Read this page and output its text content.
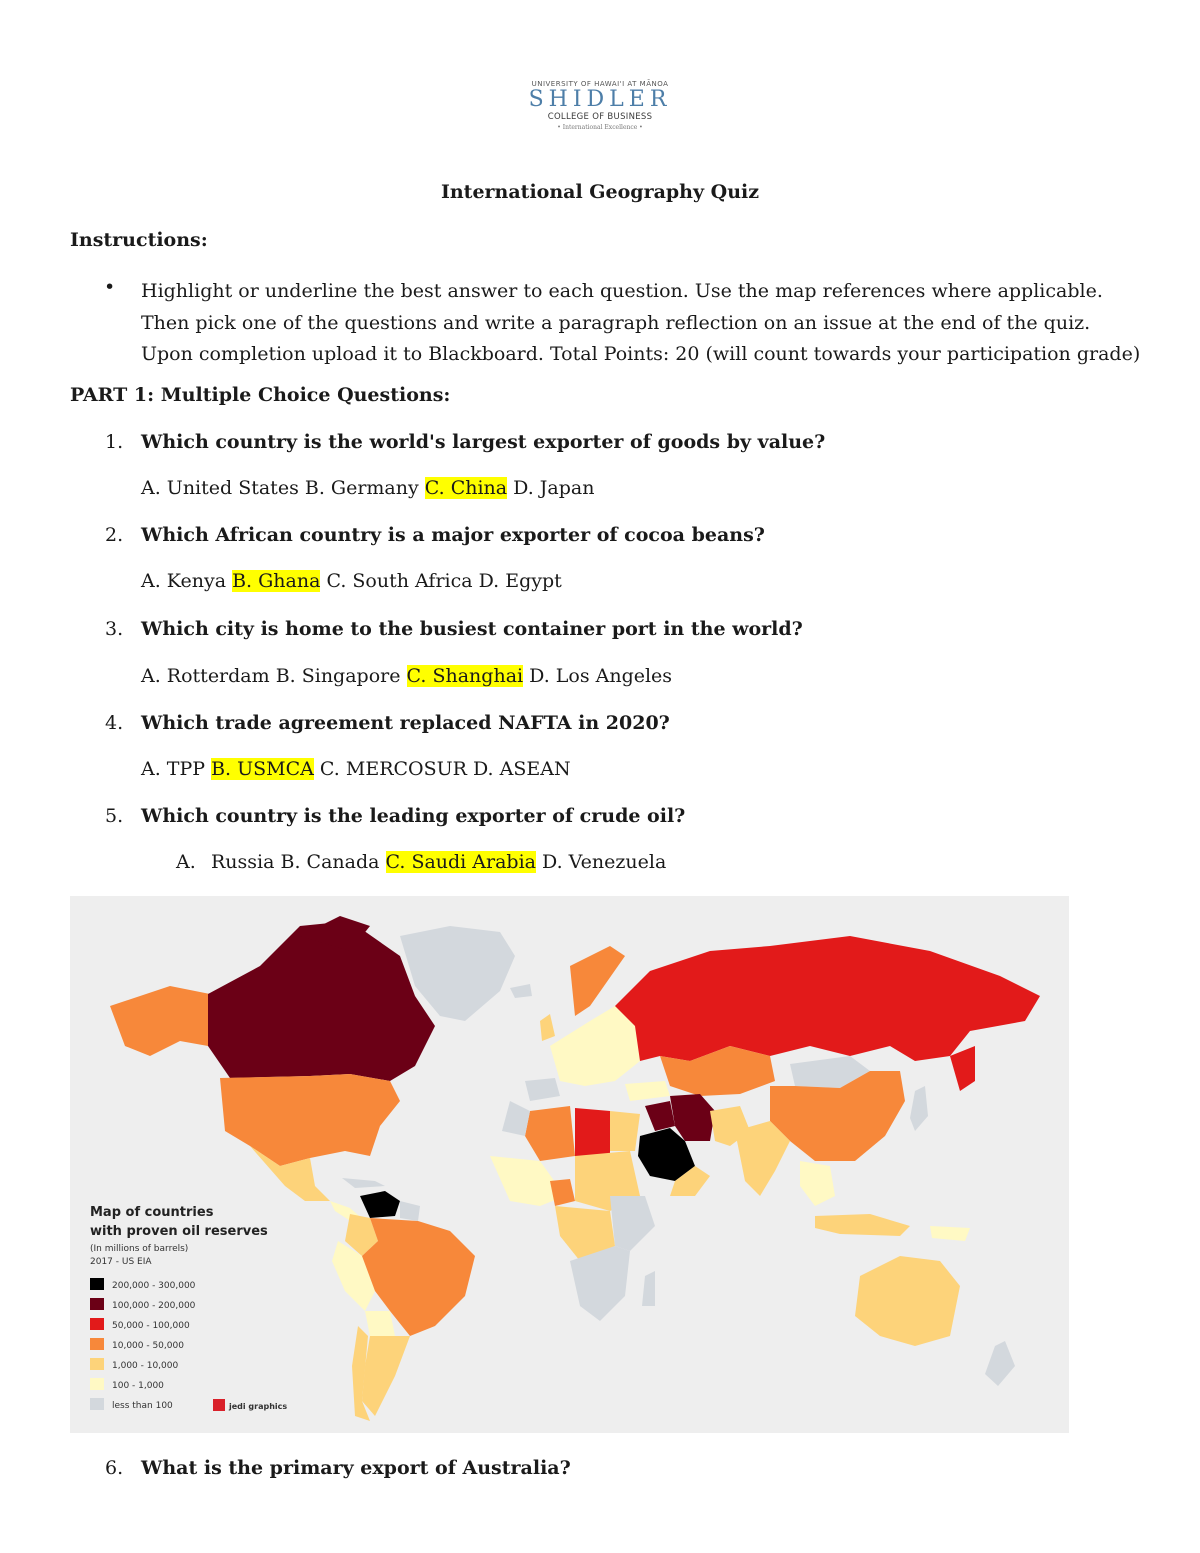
UNIVERSITY OF HAWAI'I AT MĀNOA
SHIDLER
COLLEGE OF BUSINESS
• International Excellence •
International Geography Quiz
Instructions:
• Highlight or underline the best answer to each question. Use the map references where applicable. Then pick one of the questions and write a paragraph reflection on an issue at the end of the quiz. Upon completion upload it to Blackboard. Total Points: 20 (will count towards your participation grade)
PART 1: Multiple Choice Questions:
1. Which country is the world's largest exporter of goods by value?
A. United States B. Germany C. China D. Japan
2. Which African country is a major exporter of cocoa beans?
A. Kenya B. Ghana C. South Africa D. Egypt
3. Which city is home to the busiest container port in the world?
A. Rotterdam B. Singapore C. Shanghai D. Los Angeles
4. Which trade agreement replaced NAFTA in 2020?
A. TPP B. USMCA C. MERCOSUR D. ASEAN
5. Which country is the leading exporter of crude oil?
A. Russia B. Canada C. Saudi Arabia D. Venezuela
Map of countries
with proven oil reserves
(In millions of barrels)
2017 - US EIA
200,000 - 300,000
100,000 - 200,000
50,000 - 100,000
10,000 - 50,000
1,000 - 10,000
100 - 1,000
less than 100	jedi graphics
6. What is the primary export of Australia?
